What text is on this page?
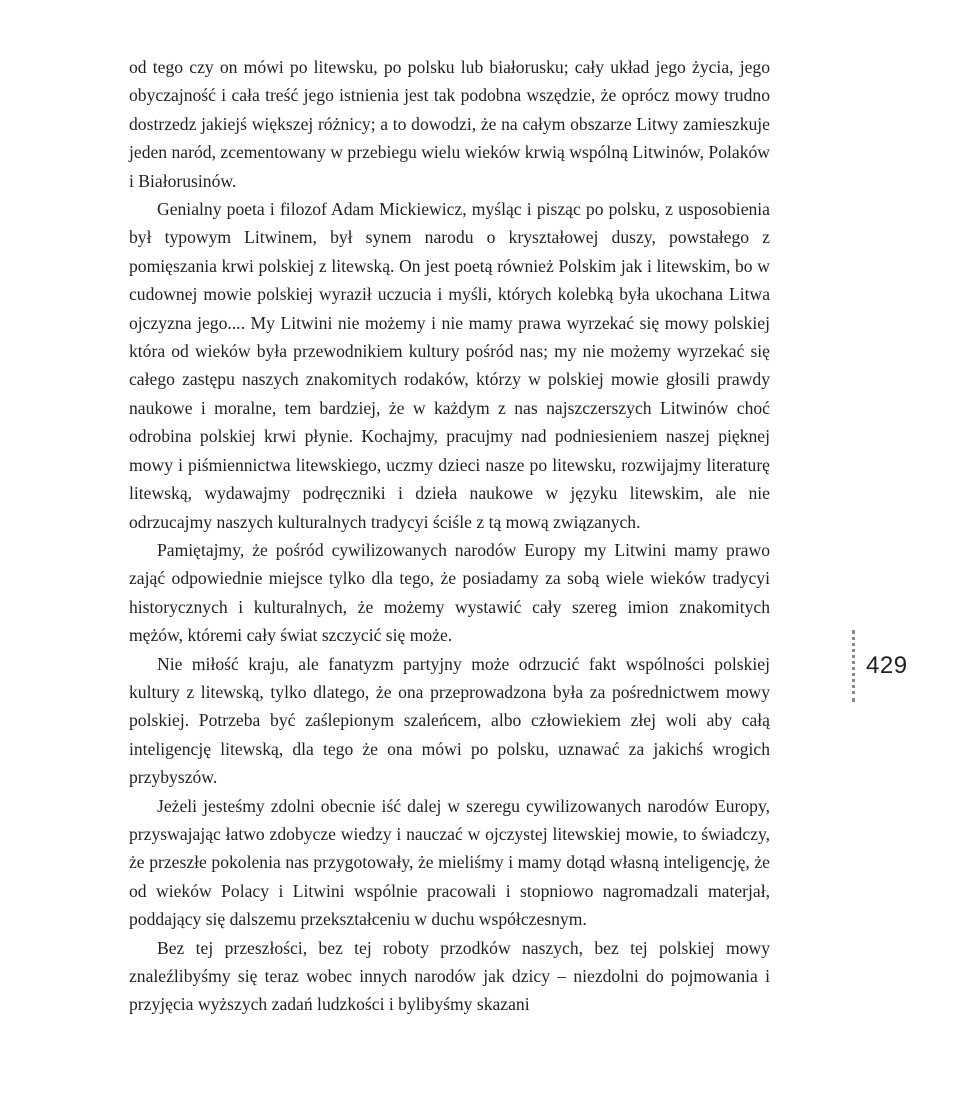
od tego czy on mówi po litewsku, po polsku lub białorusku; cały układ jego życia, jego obyczajność i cała treść jego istnienia jest tak podobna wszędzie, że oprócz mowy trudno dostrzedz jakiejś większej różnicy; a to dowodzi, że na całym obszarze Litwy zamieszkuje jeden naród, zcementowany w przebiegu wielu wieków krwią wspólną Litwinów, Polaków i Białorusinów.

Genialny poeta i filozof Adam Mickiewicz, myśląc i pisząc po polsku, z usposobienia był typowym Litwinem, był synem narodu o kryształowej duszy, powstałego z pomięszania krwi polskiej z litewską. On jest poetą również Polskim jak i litewskim, bo w cudownej mowie polskiej wyraził uczucia i myśli, których kolebką była ukochana Litwa ojczyzna jego.... My Litwini nie możemy i nie mamy prawa wyrzekać się mowy polskiej która od wieków była przewodnikiem kultury pośród nas; my nie możemy wyrzekać się całego zastępu naszych znakomitych rodaków, którzy w polskiej mowie głosili prawdy naukowe i moralne, tem bardziej, że w każdym z nas najszczerszych Litwinów choć odrobina polskiej krwi płynie. Kochajmy, pracujmy nad podniesieniem naszej pięknej mowy i piśmiennictwa litewskiego, uczmy dzieci nasze po litewsku, rozwijajmy literaturę litewską, wydawajmy podręczniki i dzieła naukowe w języku litewskim, ale nie odrzucajmy naszych kulturalnych tradycyi ściśle z tą mową związanych.

Pamiętajmy, że pośród cywilizowanych narodów Europy my Litwini mamy prawo zająć odpowiednie miejsce tylko dla tego, że posiadamy za sobą wiele wieków tradycyi historycznych i kulturalnych, że możemy wystawić cały szereg imion znakomitych mężów, któremi cały świat szczycić się może.

Nie miłość kraju, ale fanatyzm partyjny może odrzucić fakt wspólności polskiej kultury z litewską, tylko dlatego, że ona przeprowadzona była za pośrednictwem mowy polskiej. Potrzeba być zaślepionym szaleńcem, albo człowiekiem złej woli aby całą inteligencję litewską, dla tego że ona mówi po polsku, uznawać za jakichś wrogich przybyszów.

Jeżeli jesteśmy zdolni obecnie iść dalej w szeregu cywilizowanych narodów Europy, przyswajając łatwo zdobycze wiedzy i nauczać w ojczystej litewskiej mowie, to świadczy, że przeszłe pokolenia nas przygotowały, że mieliśmy i mamy dotąd własną inteligencję, że od wieków Polacy i Litwini wspólnie pracowali i stopniowo nagromadzali materjał, poddający się dalszemu przekształceniu w duchu współczesnym.

Bez tej przeszłości, bez tej roboty przodków naszych, bez tej polskiej mowy znaleźlibyśmy się teraz wobec innych narodów jak dzicy – niezdolni do pojmowania i przyjęcia wyższych zadań ludzkości i bylibyśmy skazani

429
